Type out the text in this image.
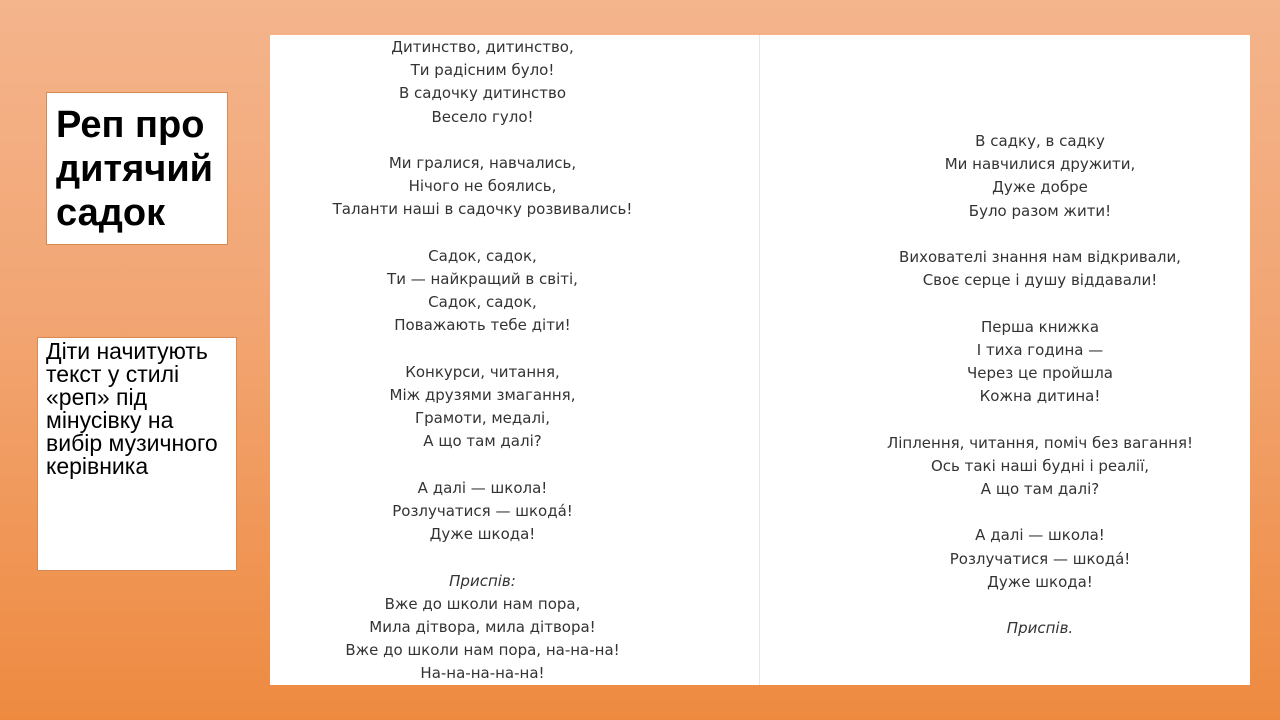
Реп про дитячий садок

Діти начитують текст у стилі «реп» під мінусівку на вибір музичного керівника

Дитинство, дитинство,
Ти радісним було!
В садочку дитинство
Весело гуло!
Ми гралися, навчались,
Нічого не боялись,
Таланти наші в садочку розвивались!
Садок, садок,
Ти — найкращий в світі,
Садок, садок,
Поважають тебе діти!
Конкурси, читання,
Між друзями змагання,
Грамоти, медалі,
А що там далі?
А далі — школа!
Розлучатися — шкода́!
Дуже шкода!
Приспів:
Вже до школи нам пора,
Мила дітвора, мила дітвора!
Вже до школи нам пора, на-на-на!
На-на-на-на-на!
В садку, в садку
Ми навчилися дружити,
Дуже добре
Було разом жити!
Вихователі знання нам відкривали,
Своє серце і душу віддавали!
Перша книжка
І тиха година —
Через це пройшла
Кожна дитина!
Ліплення, читання, поміч без вагання!
Ось такі наші будні і реалії,
А що там далі?
А далі — школа!
Розлучатися — шкода́!
Дуже шкода!
Приспів.
